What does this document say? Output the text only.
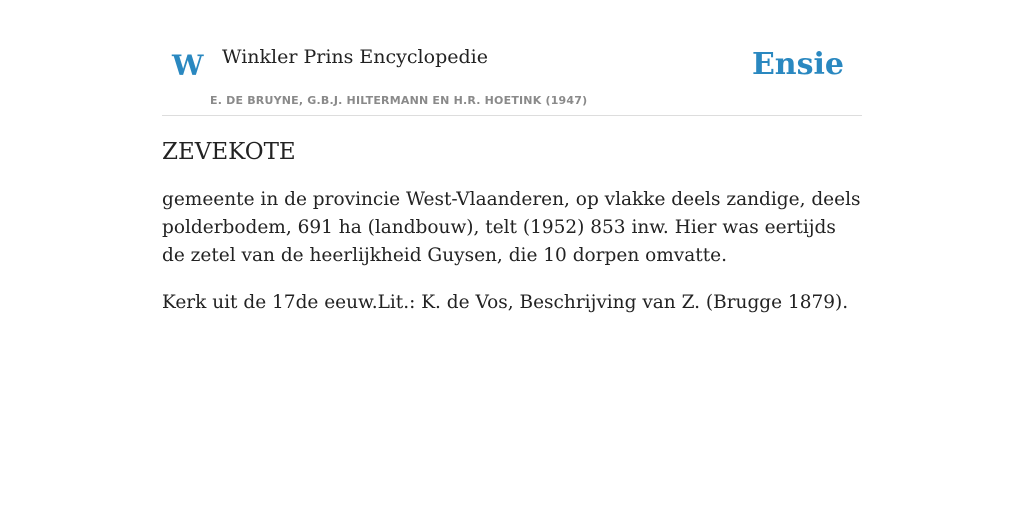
W Winkler Prins Encyclopedie
E. DE BRUYNE, G.B.J. HILTERMANN EN H.R. HOETINK (1947)
Ensie
ZEVEKOTE

gemeente in de provincie West-Vlaanderen, op vlakke deels zandige, deels polderbodem, 691 ha (landbouw), telt (1952) 853 inw. Hier was eertijds de zetel van de heerlijkheid Guysen, die 10 dorpen omvatte.

Kerk uit de 17de eeuw.Lit.: K. de Vos, Beschrijving van Z. (Brugge 1879).
